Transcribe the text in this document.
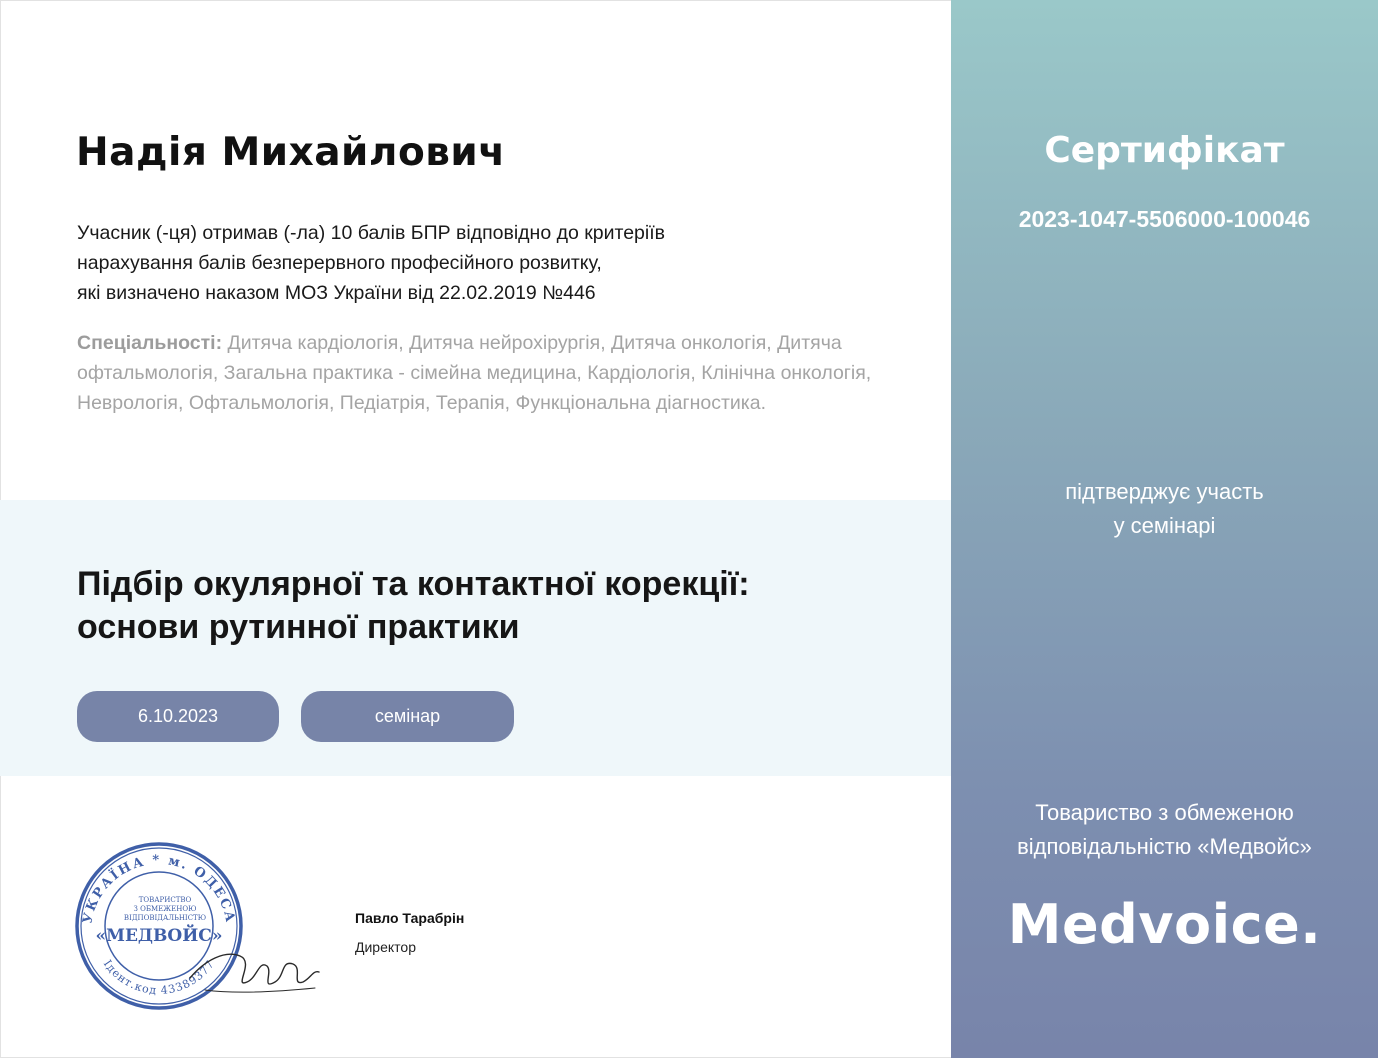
Надія Михайлович
Учасник (-ця) отримав (-ла) 10 балів БПР відповідно до критеріїв
нарахування балів безперервного професійного розвитку,
які визначено наказом МОЗ України від 22.02.2019 №446
Спеціальності: Дитяча кардіологія, Дитяча нейрохірургія, Дитяча онкологія, Дитяча офтальмологія, Загальна практика - сімейна медицина, Кардіологія, Клінічна онкологія, Неврологія, Офтальмологія, Педіатрія, Терапія, Функціональна діагностика.
Підбір окулярної та контактної корекції:
основи рутинної практики
6.10.2023	семінар
УКРАЇНА * м. ОДЕСА
Ідент.код 43389377
ТОВАРИСТВО
З ОБМЕЖЕНОЮ
ВІДПОВІДАЛЬНІСТЮ
«МЕДВОЙС»
Павло Тарабрін
Директор
Сертифікат
2023-1047-5506000-100046
підтверджує участь
у семінарі
Товариство з обмеженою
відповідальністю «Медвойс»
Medvoice.
